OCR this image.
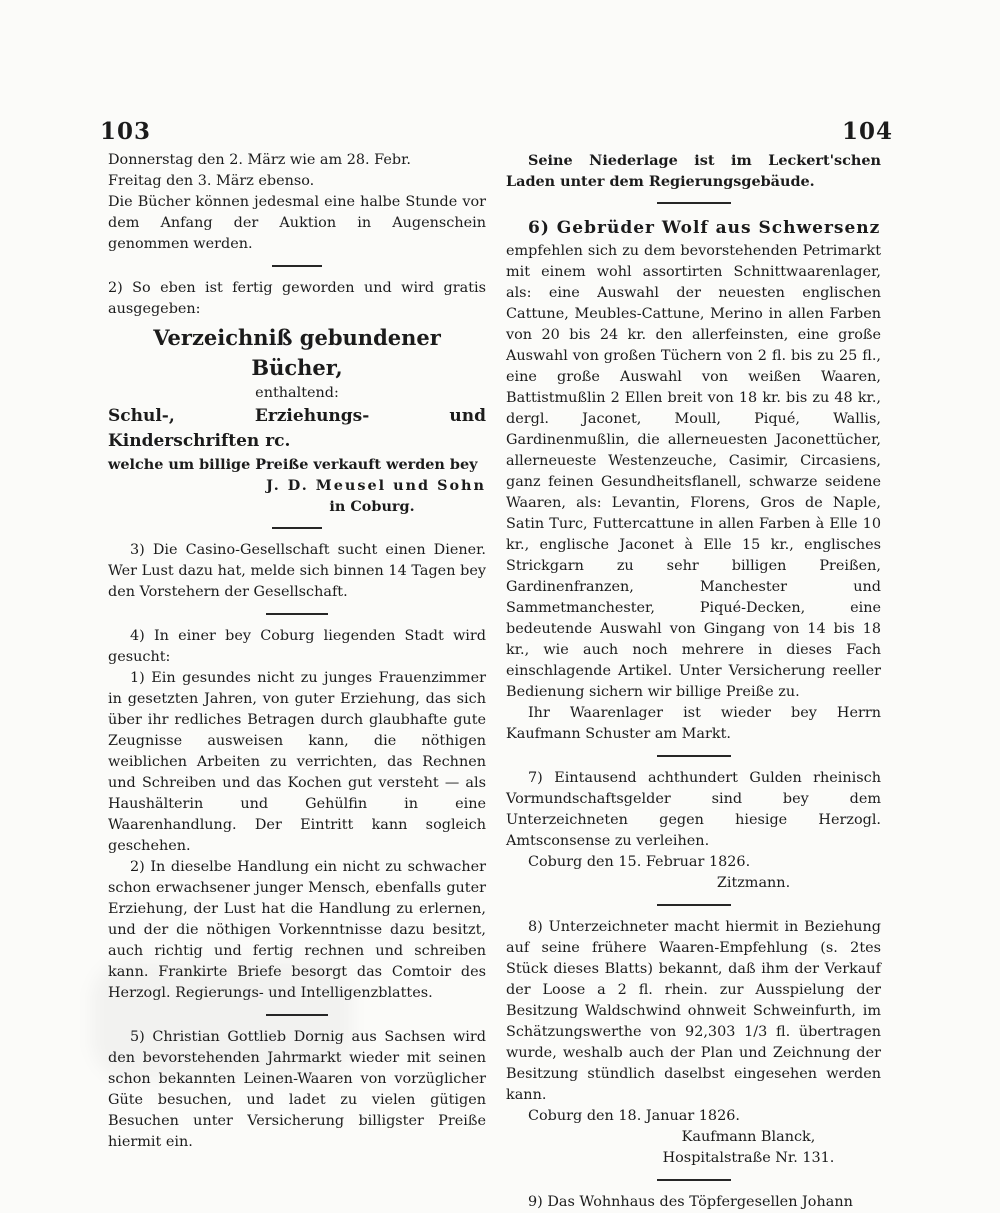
103	104

Donnerstag den 2. März wie am 28. Febr.

Freitag den 3. März ebenso.

Die Bücher können jedesmal eine halbe Stunde vor dem Anfang der Auktion in Augenschein genommen werden.

2) So eben ist fertig geworden und wird gratis ausgegeben:

Verzeichniß gebundener Bücher,

enthaltend:

Schul-, Erziehungs- und Kinderschriften rc.

welche um billige Preiße verkauft werden bey

J. D. Meusel und Sohn

in Coburg.

3) Die Casino-Gesellschaft sucht einen Diener. Wer Lust dazu hat, melde sich binnen 14 Tagen bey den Vorstehern der Gesellschaft.

4) In einer bey Coburg liegenden Stadt wird gesucht:

1) Ein gesundes nicht zu junges Frauenzimmer in gesetzten Jahren, von guter Erziehung, das sich über ihr redliches Betragen durch glaubhafte gute Zeugnisse ausweisen kann, die nöthigen weiblichen Arbeiten zu verrichten, das Rechnen und Schreiben und das Kochen gut versteht — als Haushälterin und Gehülfin in eine Waarenhandlung. Der Eintritt kann sogleich geschehen.

2) In dieselbe Handlung ein nicht zu schwacher schon erwachsener junger Mensch, ebenfalls guter Erziehung, der Lust hat die Handlung zu erlernen, und der die nöthigen Vorkenntnisse dazu besitzt, auch richtig und fertig rechnen und schreiben kann. Frankirte Briefe besorgt das Comtoir des Herzogl. Regierungs- und Intelligenzblattes.

5) Christian Gottlieb Dornig aus Sachsen wird den bevorstehenden Jahrmarkt wieder mit seinen schon bekannten Leinen-Waaren von vorzüglicher Güte besuchen, und ladet zu vielen gütigen Besuchen unter Versicherung billigster Preiße hiermit ein.

Seine Niederlage ist im Leckert'schen Laden unter dem Regierungsgebäude.

6) Gebrüder Wolf aus Schwersenz

empfehlen sich zu dem bevorstehenden Petrimarkt mit einem wohl assortirten Schnittwaarenlager, als: eine Auswahl der neuesten englischen Cattune, Meubles-Cattune, Merino in allen Farben von 20 bis 24 kr. den allerfeinsten, eine große Auswahl von großen Tüchern von 2 fl. bis zu 25 fl., eine große Auswahl von weißen Waaren, Battistmußlin 2 Ellen breit von 18 kr. bis zu 48 kr., dergl. Jaconet, Moull, Piqué, Wallis, Gardinenmußlin, die allerneuesten Jaconettücher, allerneueste Westenzeuche, Casimir, Circasiens, ganz feinen Gesundheitsflanell, schwarze seidene Waaren, als: Levantin, Florens, Gros de Naple, Satin Turc, Futtercattune in allen Farben à Elle 10 kr., englische Jaconet à Elle 15 kr., englisches Strickgarn zu sehr billigen Preißen, Gardinenfranzen, Manchester und Sammetmanchester, Piqué-Decken, eine bedeutende Auswahl von Gingang von 14 bis 18 kr., wie auch noch mehrere in dieses Fach einschlagende Artikel. Unter Versicherung reeller Bedienung sichern wir billige Preiße zu.

Ihr Waarenlager ist wieder bey Herrn Kaufmann Schuster am Markt.

7) Eintausend achthundert Gulden rheinisch Vormundschaftsgelder sind bey dem Unterzeichneten gegen hiesige Herzogl. Amtsconsense zu verleihen.

Coburg den 15. Februar 1826.

Zitzmann.

8) Unterzeichneter macht hiermit in Beziehung auf seine frühere Waaren-Empfehlung (s. 2tes Stück dieses Blatts) bekannt, daß ihm der Verkauf der Loose a 2 fl. rhein. zur Ausspielung der Besitzung Waldschwind ohnweit Schweinfurth, im Schätzungswerthe von 92,303 1/3 fl. übertragen wurde, weshalb auch der Plan und Zeichnung der Besitzung stündlich daselbst eingesehen werden kann.

Coburg den 18. Januar 1826.

Kaufmann Blanck,

Hospitalstraße Nr. 131.

9) Das Wohnhaus des Töpfergesellen Johann
